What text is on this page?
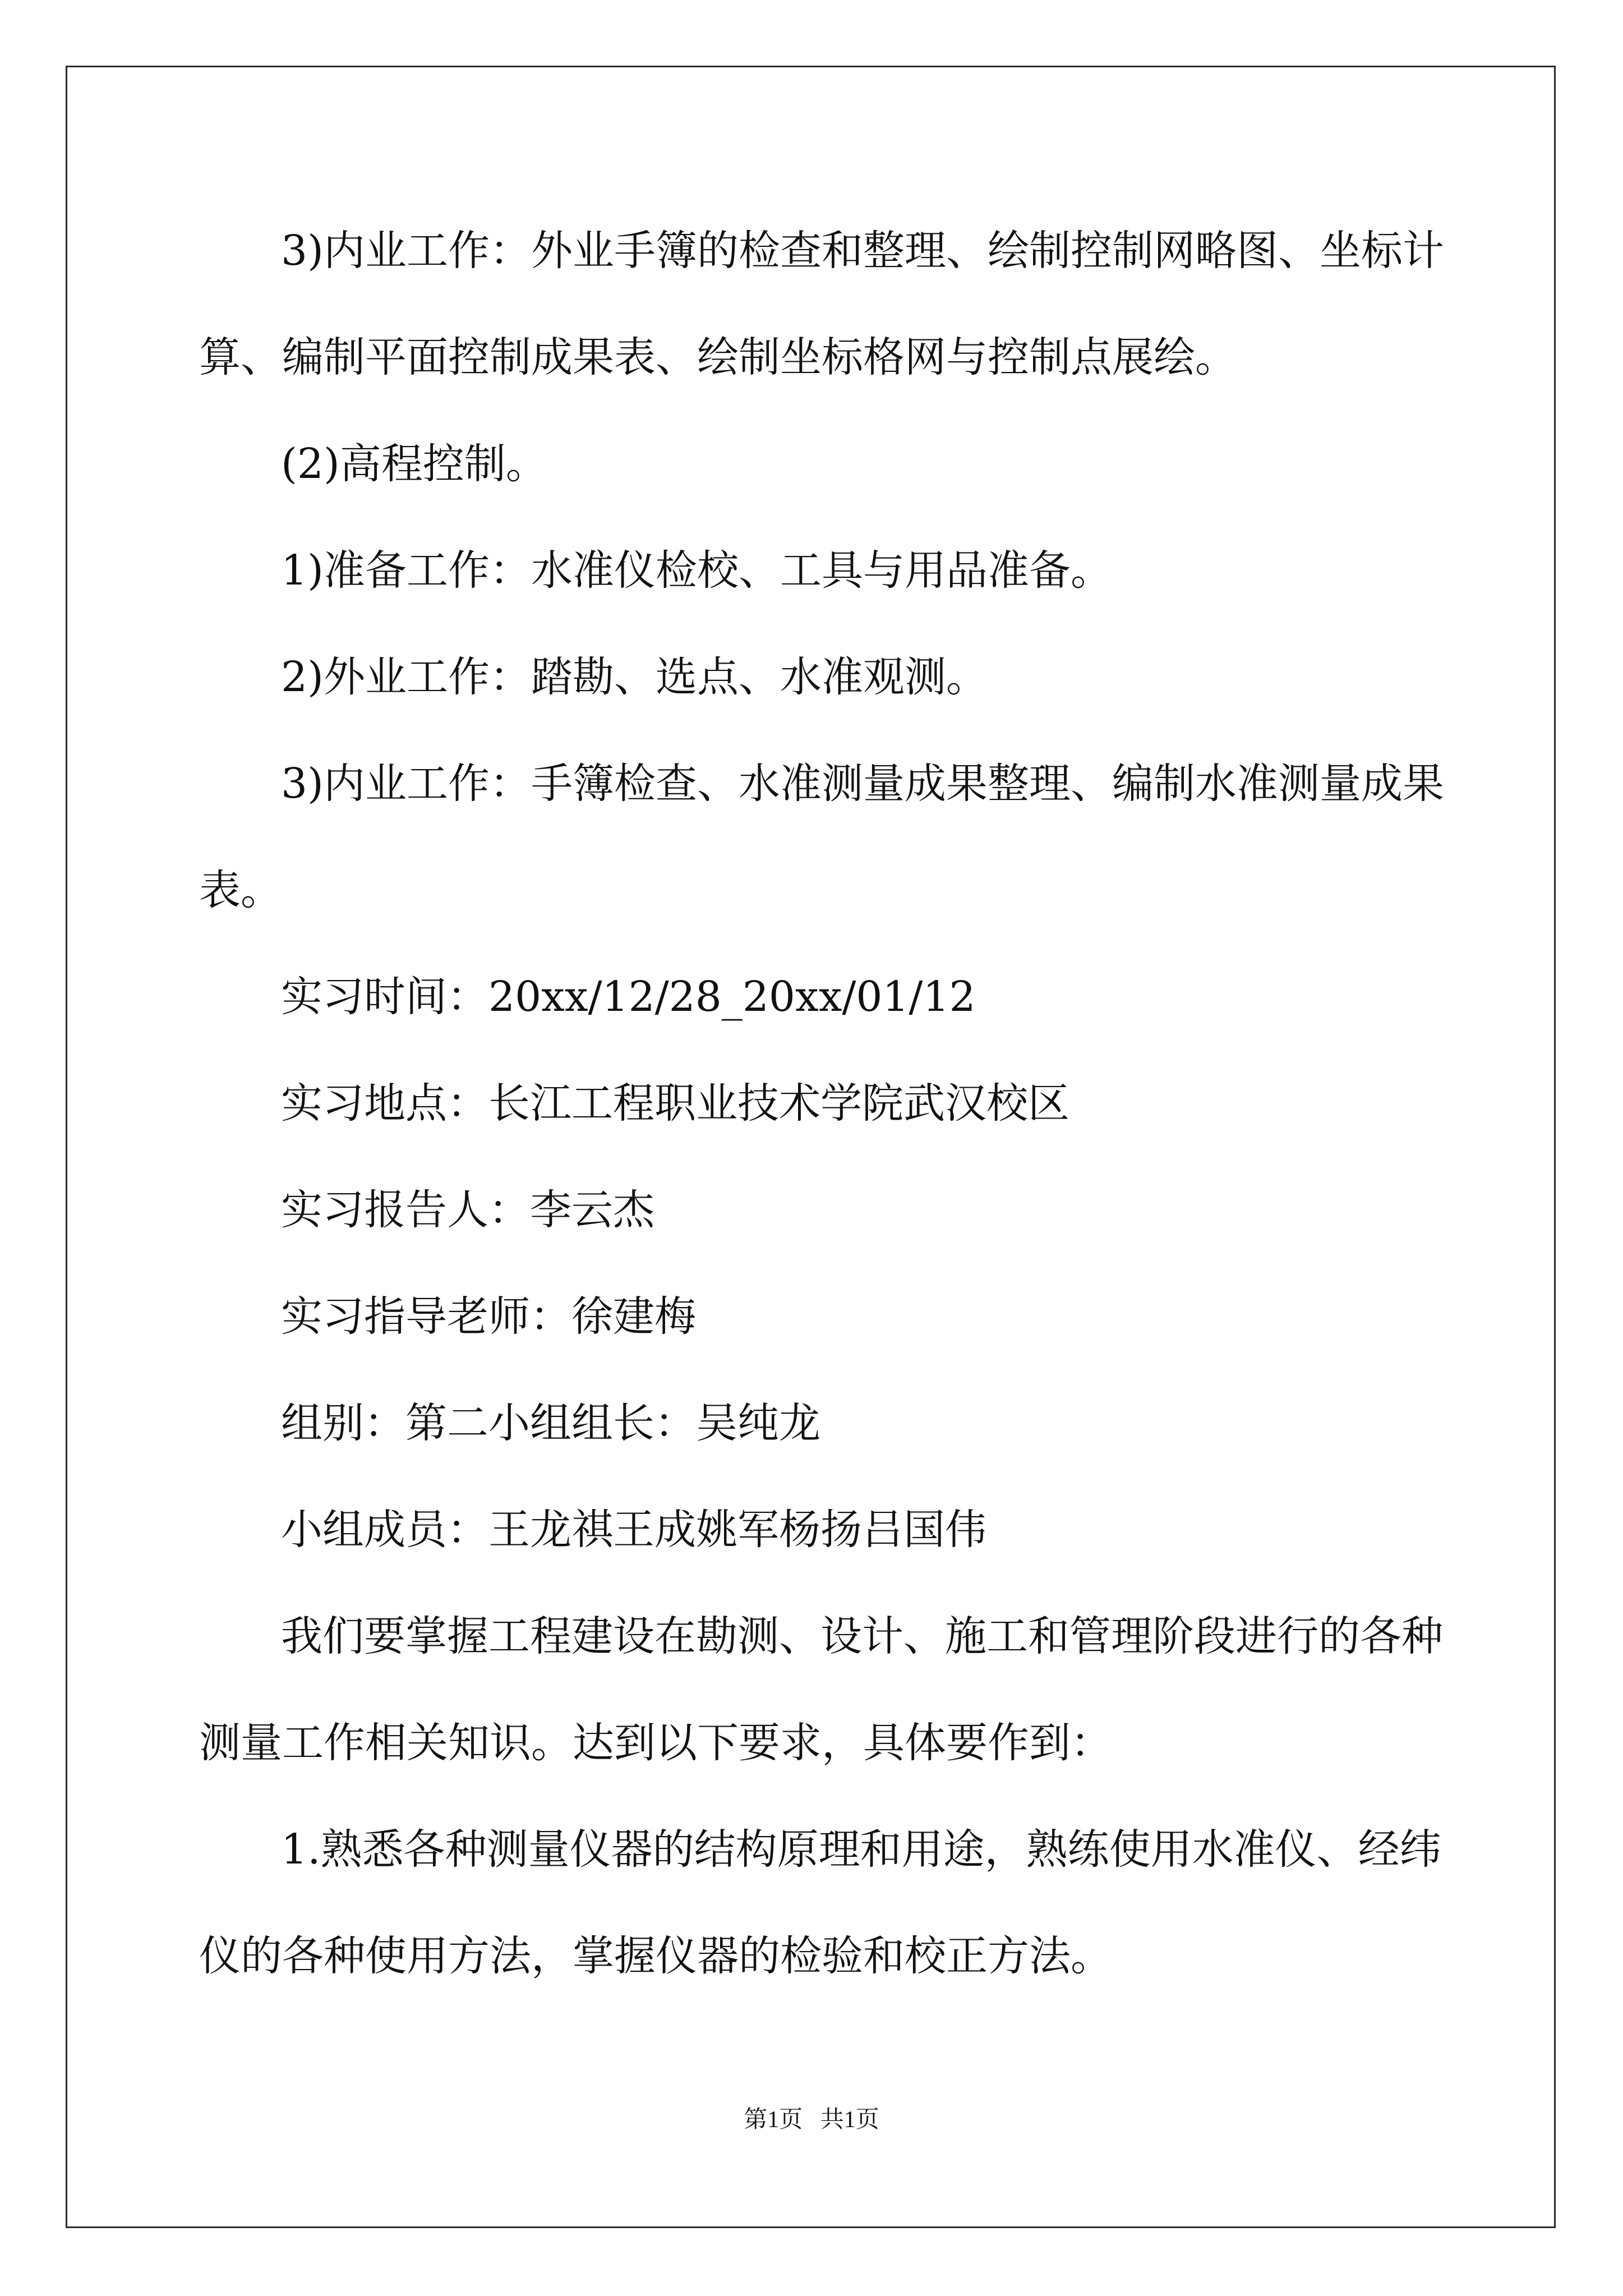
3)内业工作：外业手簿的检查和整理、绘制控制网略图、坐标计
算、编制平面控制成果表、绘制坐标格网与控制点展绘。
(2)高程控制。
1)准备工作：水准仪检校、工具与用品准备。
2)外业工作：踏勘、选点、水准观测。
3)内业工作：手簿检查、水准测量成果整理、编制水准测量成果
表。
实习时间：20xx/12/28_20xx/01/12
实习地点：长江工程职业技术学院武汉校区
实习报告人：李云杰
实习指导老师：徐建梅
组别：第二小组组长：吴纯龙
小组成员：王龙祺王成姚军杨扬吕国伟
我们要掌握工程建设在勘测、设计、施工和管理阶段进行的各种
测量工作相关知识。达到以下要求，具体要作到：
1.熟悉各种测量仪器的结构原理和用途，熟练使用水准仪、经纬
仪的各种使用方法，掌握仪器的检验和校正方法。
第1页   共1页
